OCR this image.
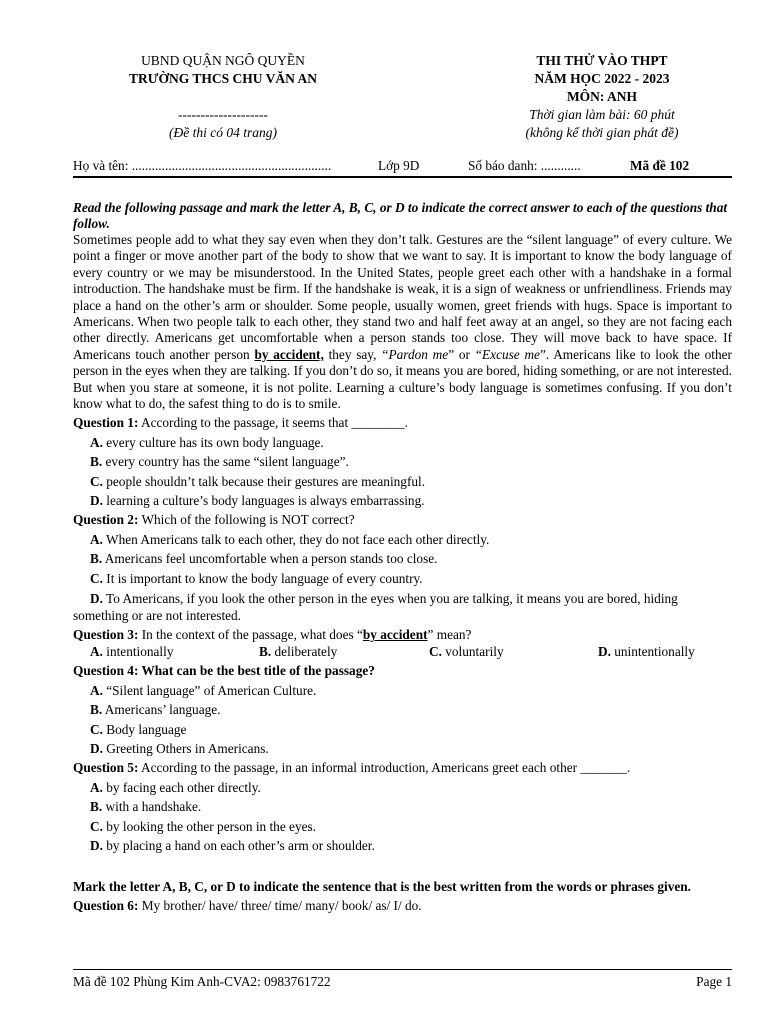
UBND QUẬN NGÔ QUYỀN
TRƯỜNG THCS CHU VĂN AN
--------------------
(Đề thi có 04 trang)
THI THỬ VÀO THPT
NĂM HỌC 2022 - 2023
MÔN: ANH
Thời gian làm bài: 60 phút
(không kể thời gian phát đề)
Họ và tên: ............................................................	Lớp 9D	Số báo danh: ............	Mã đề 102
Read the following passage and mark the letter A, B, C, or D to indicate the correct answer to each of the questions that follow.
Sometimes people add to what they say even when they don’t talk. Gestures are the “silent language” of every culture. We point a finger or move another part of the body to show that we want to say. It is important to know the body language of every country or we may be misunderstood. In the United States, people greet each other with a handshake in a formal introduction. The handshake must be firm. If the handshake is weak, it is a sign of weakness or unfriendliness. Friends may place a hand on the other’s arm or shoulder. Some people, usually women, greet friends with hugs. Space is important to Americans. When two people talk to each other, they stand two and half feet away at an angel, so they are not facing each other directly. Americans get uncomfortable when a person stands too close. They will move back to have space. If Americans touch another person by accident, they say, “Pardon me” or “Excuse me”. Americans like to look the other person in the eyes when they are talking. If you don’t do so, it means you are bored, hiding something, or are not interested. But when you stare at someone, it is not polite. Learning a culture’s body language is sometimes confusing. If you don’t know what to do, the safest thing to do is to smile.
Question 1: According to the passage, it seems that ________.
A. every culture has its own body language.
B. every country has the same “silent language”.
C. people shouldn’t talk because their gestures are meaningful.
D. learning a culture’s body languages is always embarrassing.
Question 2: Which of the following is NOT correct?
A. When Americans talk to each other, they do not face each other directly.
B. Americans feel uncomfortable when a person stands too close.
C. It is important to know the body language of every country.
D. To Americans, if you look the other person in the eyes when you are talking, it means you are bored, hiding something or are not interested.
Question 3: In the context of the passage, what does “by accident” mean?
A. intentionally	B. deliberately	C. voluntarily	D. unintentionally
Question 4: What can be the best title of the passage?
A. “Silent language” of American Culture.
B. Americans’ language.
C. Body language
D. Greeting Others in Americans.
Question 5: According to the passage, in an informal introduction, Americans greet each other _______.
A. by facing each other directly.
B. with a handshake.
C. by looking the other person in the eyes.
D. by placing a hand on each other’s arm or shoulder.
Mark the letter A, B, C, or D to indicate the sentence that is the best written from the words or phrases given.
Question 6: My brother/ have/ three/ time/ many/ book/ as/ I/ do.
Mã đề 102 Phùng Kim Anh-CVA2: 0983761722	Page 1
